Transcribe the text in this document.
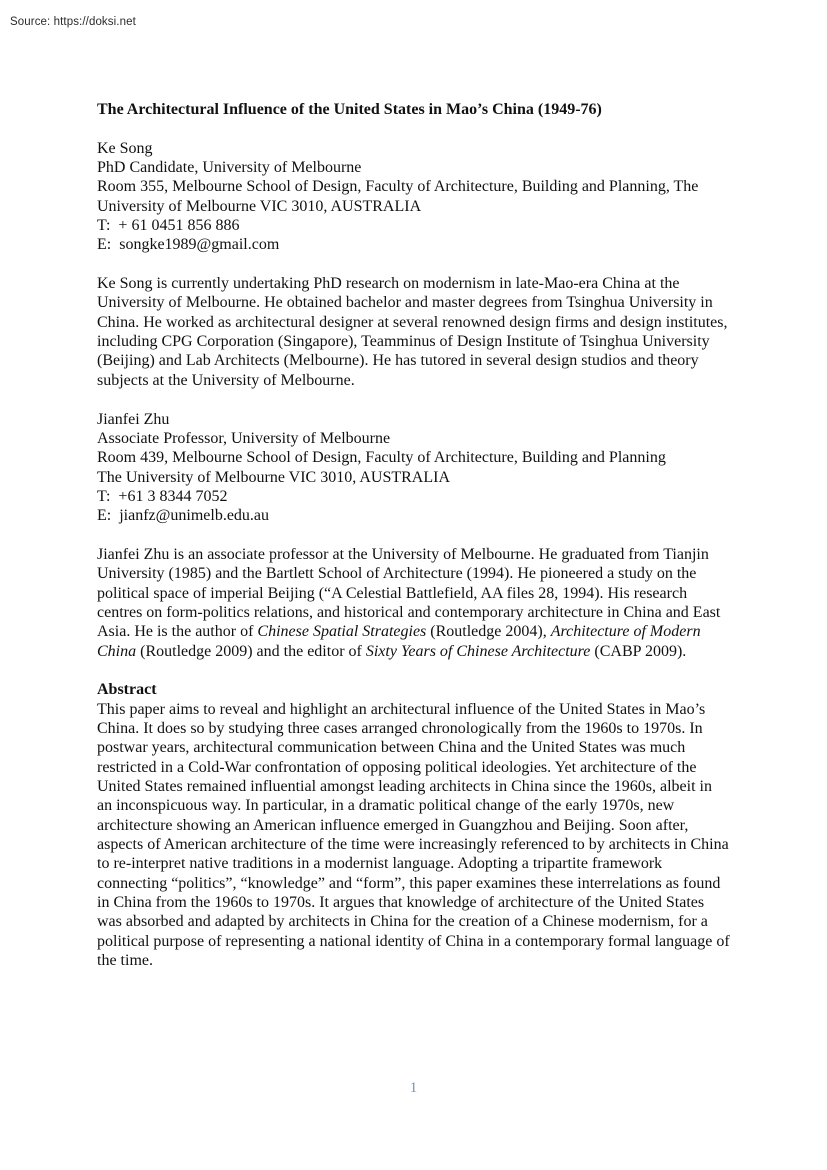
Source: https://doksi.net
The Architectural Influence of the United States in Mao’s China (1949-76)
Ke Song
PhD Candidate, University of Melbourne
Room 355, Melbourne School of Design, Faculty of Architecture, Building and Planning, The
University of Melbourne VIC 3010, AUSTRALIA
T:  + 61 0451 856 886
E:  songke1989@gmail.com

Ke Song is currently undertaking PhD research on modernism in late-Mao-era China at the University of Melbourne. He obtained bachelor and master degrees from Tsinghua University in China. He worked as architectural designer at several renowned design firms and design institutes, including CPG Corporation (Singapore), Teamminus of Design Institute of Tsinghua University (Beijing) and Lab Architects (Melbourne). He has tutored in several design studios and theory subjects at the University of Melbourne.

Jianfei Zhu
Associate Professor, University of Melbourne
Room 439, Melbourne School of Design, Faculty of Architecture, Building and Planning
The University of Melbourne VIC 3010, AUSTRALIA
T:  +61 3 8344 7052
E:  jianfz@unimelb.edu.au

Jianfei Zhu is an associate professor at the University of Melbourne. He graduated from Tianjin University (1985) and the Bartlett School of Architecture (1994). He pioneered a study on the political space of imperial Beijing (“A Celestial Battlefield, AA files 28, 1994). His research centres on form-politics relations, and historical and contemporary architecture in China and East Asia. He is the author of Chinese Spatial Strategies (Routledge 2004), Architecture of Modern China (Routledge 2009) and the editor of Sixty Years of Chinese Architecture (CABP 2009).

Abstract

This paper aims to reveal and highlight an architectural influence of the United States in Mao’s China. It does so by studying three cases arranged chronologically from the 1960s to 1970s. In postwar years, architectural communication between China and the United States was much restricted in a Cold-War confrontation of opposing political ideologies. Yet architecture of the United States remained influential amongst leading architects in China since the 1960s, albeit in an inconspicuous way. In particular, in a dramatic political change of the early 1970s, new architecture showing an American influence emerged in Guangzhou and Beijing. Soon after, aspects of American architecture of the time were increasingly referenced to by architects in China to re-interpret native traditions in a modernist language. Adopting a tripartite framework connecting “politics”, “knowledge” and “form”, this paper examines these interrelations as found in China from the 1960s to 1970s. It argues that knowledge of architecture of the United States was absorbed and adapted by architects in China for the creation of a Chinese modernism, for a political purpose of representing a national identity of China in a contemporary formal language of the time.

1
